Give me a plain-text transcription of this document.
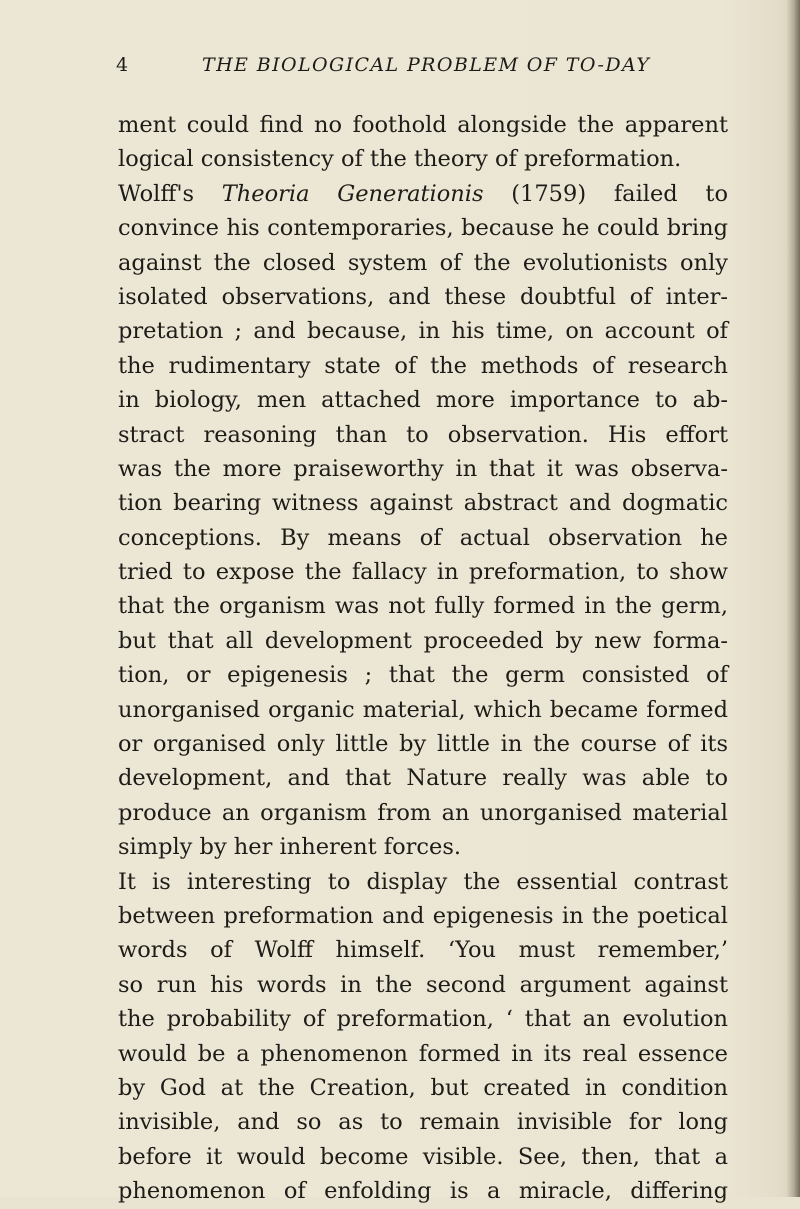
4	THE BIOLOGICAL PROBLEM OF TO-DAY
ment could find no foothold alongside the apparent
logical consistency of the theory of preformation.
Wolff's Theoria Generationis (1759) failed to
convince his contemporaries, because he could bring
against the closed system of the evolutionists only
isolated observations, and these doubtful of inter-
pretation ; and because, in his time, on account of
the rudimentary state of the methods of research
in biology, men attached more importance to ab-
stract reasoning than to observation. His effort
was the more praiseworthy in that it was observa-
tion bearing witness against abstract and dogmatic
conceptions. By means of actual observation he
tried to expose the fallacy in preformation, to show
that the organism was not fully formed in the germ,
but that all development proceeded by new forma-
tion, or epigenesis ; that the germ consisted of
unorganised organic material, which became formed
or organised only little by little in the course of its
development, and that Nature really was able to
produce an organism from an unorganised material
simply by her inherent forces.
It is interesting to display the essential contrast
between preformation and epigenesis in the poetical
words of Wolff himself. ‘You must remember,’
so run his words in the second argument against
the probability of preformation, ‘ that an evolution
would be a phenomenon formed in its real essence
by God at the Creation, but created in condition
invisible, and so as to remain invisible for long
before it would become visible. See, then, that a
phenomenon of enfolding is a miracle, differing
